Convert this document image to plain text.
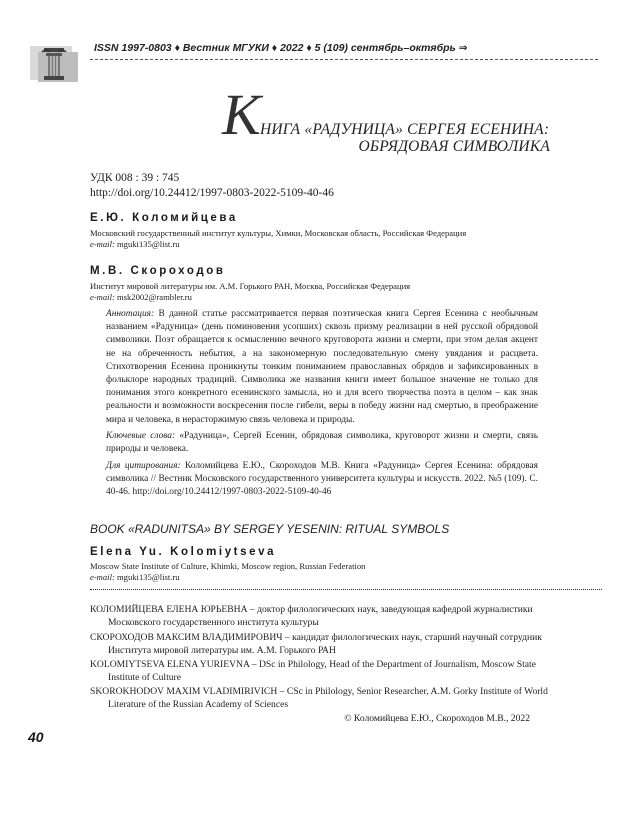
ISSN 1997-0803 ♦ Вестник МГУКИ ♦ 2022 ♦ 5 (109) сентябрь–октябрь ⇒
К НИГА «РАДУНИЦА» СЕРГЕЯ ЕСЕНИНА:
ОБРЯДОВАЯ СИМВОЛИКА
УДК 008 : 39 : 745
http://doi.org/10.24412/1997-0803-2022-5109-40-46
Е.Ю. Коломийцева
Московский государственный институт культуры, Химки, Московская область, Российская Федерация
e-mail: mguki135@list.ru
М.В. Скороходов
Институт мировой литературы им. А.М. Горького РАН, Москва, Российская Федерация
e-mail: msk2002@rambler.ru
Аннотация: В данной статье рассматривается первая поэтическая книга Сергея Есенина с необычным названием «Радуница» (день поминовения усопших) сквозь призму реализации в ней русской обрядовой символики. Поэт обращается к осмыслению вечного круговорота жизни и смерти, при этом делая акцент не на обреченность небытия, а на закономерную последовательную смену увядания и расцвета. Стихотворения Есенина проникнуты тонким пониманием православных обрядов и зафиксированных в фольклоре народных традиций. Символика же названия книги имеет большое значение не только для понимания этого конкретного есенинского замысла, но и для всего творчества поэта в целом – как знак реальности и возможности воскресения после гибели, веры в победу жизни над смертью, в преображение мира и человека, в нерасторжимую связь человека и природы.
Ключевые слова: «Радуница», Сергей Есенин, обрядовая символика, круговорот жизни и смерти, связь природы и человека.
Для цитирования: Коломийцева Е.Ю., Скороходов М.В. Книга «Радуница» Сергея Есенина: обрядовая символика // Вестник Московского государственного университета культуры и искусств. 2022. №5 (109). С. 40-46. http://doi.org/10.24412/1997-0803-2022-5109-40-46
BOOK «RADUNITSA» BY SERGEY YESENIN: RITUAL SYMBOLS
Elena Yu. Kolomiytseva
Moscow State Institute of Culture, Khimki, Moscow region, Russian Federation
e-mail: mguki135@list.ru
КОЛОМИЙЦЕВА ЕЛЕНА ЮРЬЕВНА – доктор филологических наук, заведующая кафедрой журналистики Московского государственного института культуры
СКОРОХОДОВ МАКСИМ ВЛАДИМИРОВИЧ – кандидат филологических наук, старший научный сотрудник Института мировой литературы им. А.М. Горького РАН
KOLOMIYTSEVA ELENA YURIEVNA – DSc in Philology, Head of the Department of Journalism, Moscow State Institute of Culture
SKOROKHODOV MAXIM VLADIMIRIVICH – CSc in Philology, Senior Researcher, A.M. Gorky Institute of World Literature of the Russian Academy of Sciences
© Коломийцева Е.Ю., Скороходов М.В., 2022
40
